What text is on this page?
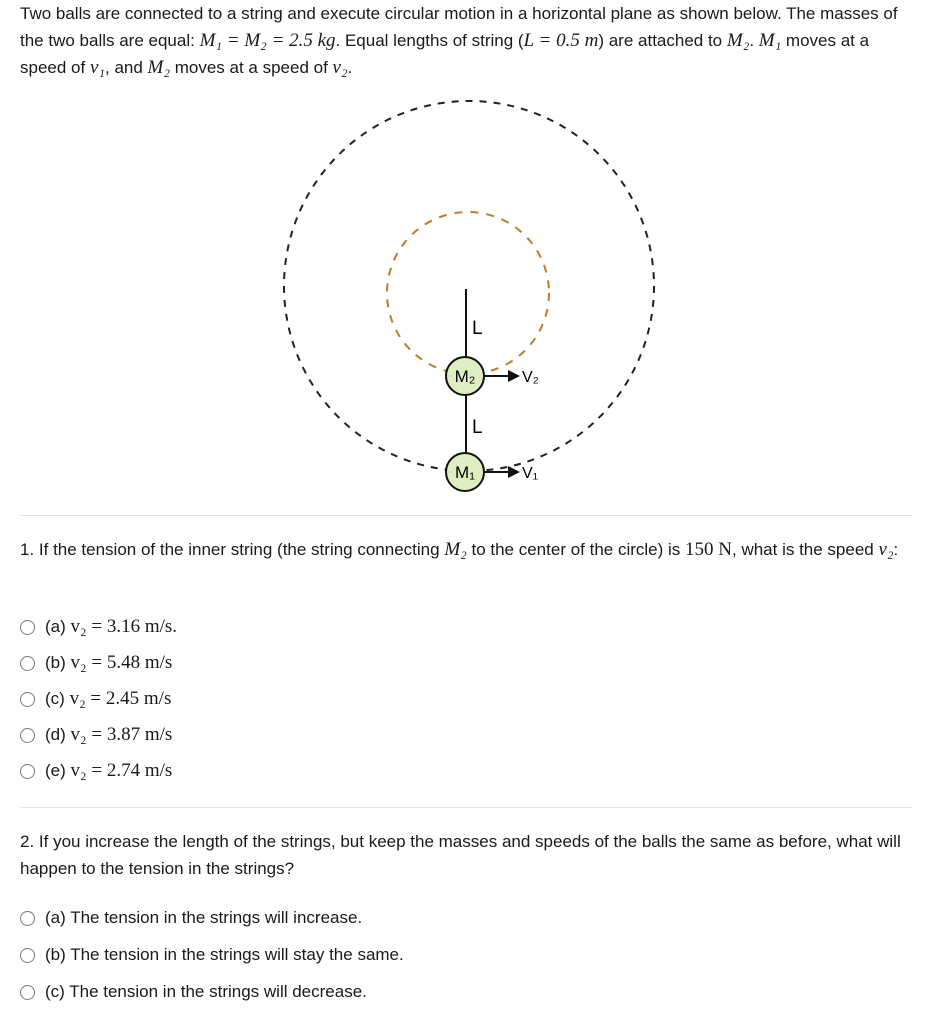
Two balls are connected to a string and execute circular motion in a horizontal plane as shown below. The masses of the two balls are equal: M₁ = M₂ = 2.5 kg. Equal lengths of string (L = 0.5 m) are attached to M₂. M₁ moves at a speed of v₁, and M₂ moves at a speed of v₂.

L
L
M₂
M₁
V₂
V₁

1. If the tension of the inner string (the string connecting M₂ to the center of the circle) is 150 N, what is the speed v₂:

(a)
v₂ = 3.16 m/s.
(b)
v₂ = 5.48 m/s
(c)
v₂ = 2.45 m/s
(d)
v₂ = 3.87 m/s
(e)
v₂ = 2.74 m/s

2. If you increase the length of the strings, but keep the masses and speeds of the balls the same as before, what will happen to the tension in the strings?

(a) The tension in the strings will increase.
(b) The tension in the strings will stay the same.
(c) The tension in the strings will decrease.
